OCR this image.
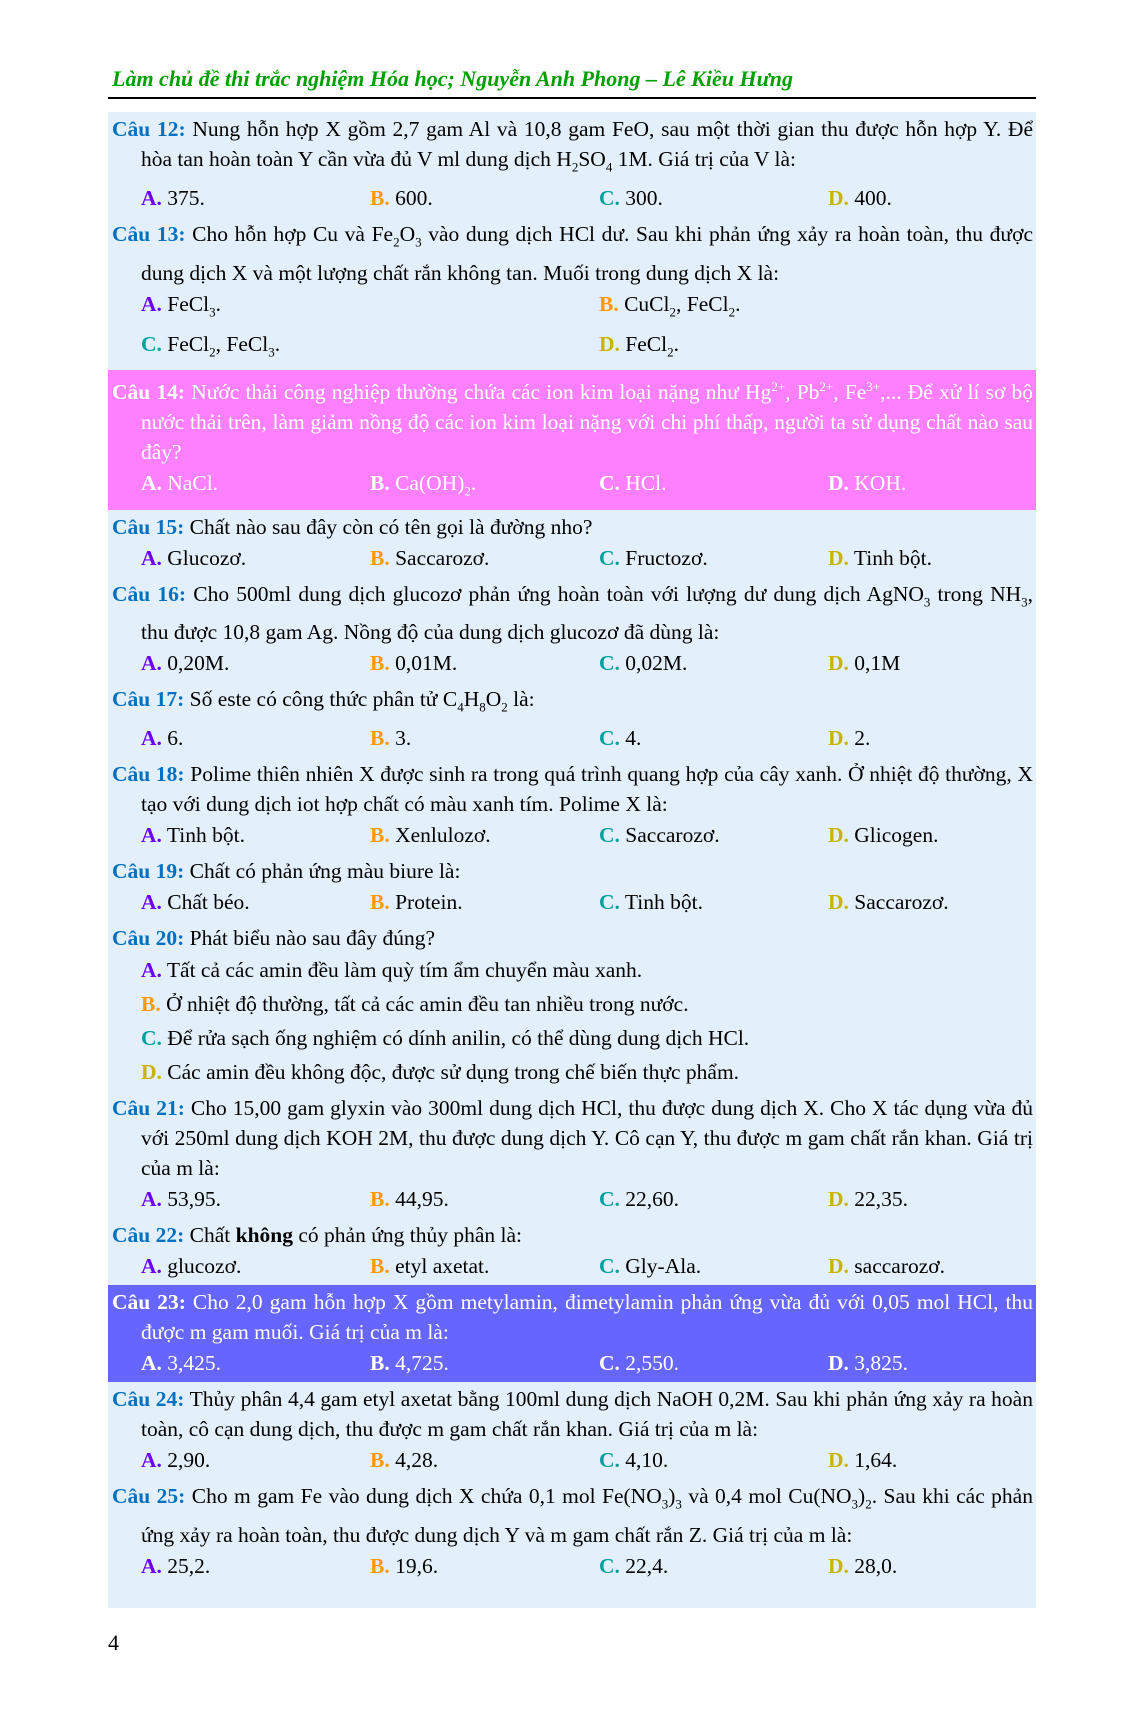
Làm chủ đề thi trắc nghiệm Hóa học; Nguyễn Anh Phong – Lê Kiều Hưng
Câu 12: Nung hỗn hợp X gồm 2,7 gam Al và 10,8 gam FeO, sau một thời gian thu được hỗn hợp Y. Để hòa tan hoàn toàn Y cần vừa đủ V ml dung dịch $H_2SO_4$ 1M. Giá trị của V là:
A. 375.	B. 600.	C. 300.	D. 400.
Câu 13: Cho hỗn hợp Cu và $Fe_2O_3$ vào dung dịch HCl dư. Sau khi phản ứng xảy ra hoàn toàn, thu được dung dịch X và một lượng chất rắn không tan. Muối trong dung dịch X là:
A. FeCl$_3$.	B. CuCl$_2$, FeCl$_2$.
C. FeCl$_2$, FeCl$_3$.	D. FeCl$_2$.
Câu 14: Nước thải công nghiệp thường chứa các ion kim loại nặng như $Hg^{2+}$, $Pb^{2+}$, $Fe^{3+}$,... Để xử lí sơ bộ nước thải trên, làm giảm nồng độ các ion kim loại nặng với chi phí thấp, người ta sử dụng chất nào sau đây?
A. NaCl.	B. $Ca(OH)_2$.	C. HCl.	D. KOH.
Câu 15: Chất nào sau đây còn có tên gọi là đường nho?
A. Glucozơ.	B. Saccarozơ.	C. Fructozơ.	D. Tinh bột.
Câu 16: Cho 500ml dung dịch glucozơ phản ứng hoàn toàn với lượng dư dung dịch AgNO$_3$ trong $NH_3$, thu được 10,8 gam Ag. Nồng độ của dung dịch glucozơ đã dùng là:
A. 0,20M.	B. 0,01M.	C. 0,02M.	D. 0,1M
Câu 17: Số este có công thức phân tử $C_4H_8O_2$ là:
A. 6.	B. 3.	C. 4.	D. 2.
Câu 18: Polime thiên nhiên X được sinh ra trong quá trình quang hợp của cây xanh. Ở nhiệt độ thường, X tạo với dung dịch iot hợp chất có màu xanh tím. Polime X là:
A. Tinh bột.	B. Xenlulozơ.	C. Saccarozơ.	D. Glicogen.
Câu 19: Chất có phản ứng màu biure là:
A. Chất béo.	B. Protein.	C. Tinh bột.	D. Saccarozơ.
Câu 20: Phát biểu nào sau đây đúng?
A. Tất cả các amin đều làm quỳ tím ẩm chuyển màu xanh.
B. Ở nhiệt độ thường, tất cả các amin đều tan nhiều trong nước.
C. Để rửa sạch ống nghiệm có dính anilin, có thể dùng dung dịch HCl.
D. Các amin đều không độc, được sử dụng trong chế biến thực phẩm.
Câu 21: Cho 15,00 gam glyxin vào 300ml dung dịch HCl, thu được dung dịch X. Cho X tác dụng vừa đủ với 250ml dung dịch KOH 2M, thu được dung dịch Y. Cô cạn Y, thu được m gam chất rắn khan. Giá trị của m là:
A. 53,95.	B. 44,95.	C. 22,60.	D. 22,35.
Câu 22: Chất không có phản ứng thủy phân là:
A. glucozơ.	B. etyl axetat.	C. Gly-Ala.	D. saccarozơ.
Câu 23: Cho 2,0 gam hỗn hợp X gồm metylamin, đimetylamin phản ứng vừa đủ với 0,05 mol HCl, thu được m gam muối. Giá trị của m là:
A. 3,425.	B. 4,725.	C. 2,550.	D. 3,825.
Câu 24: Thủy phân 4,4 gam etyl axetat bằng 100ml dung dịch NaOH 0,2M. Sau khi phản ứng xảy ra hoàn toàn, cô cạn dung dịch, thu được m gam chất rắn khan. Giá trị của m là:
A. 2,90.	B. 4,28.	C. 4,10.	D. 1,64.
Câu 25: Cho m gam Fe vào dung dịch X chứa 0,1 mol $Fe(NO_3)_3$ và 0,4 mol $Cu(NO_3)_2$. Sau khi các phản ứng xảy ra hoàn toàn, thu được dung dịch Y và m gam chất rắn Z. Giá trị của m là:
A. 25,2.	B. 19,6.	C. 22,4.	D. 28,0.
4
